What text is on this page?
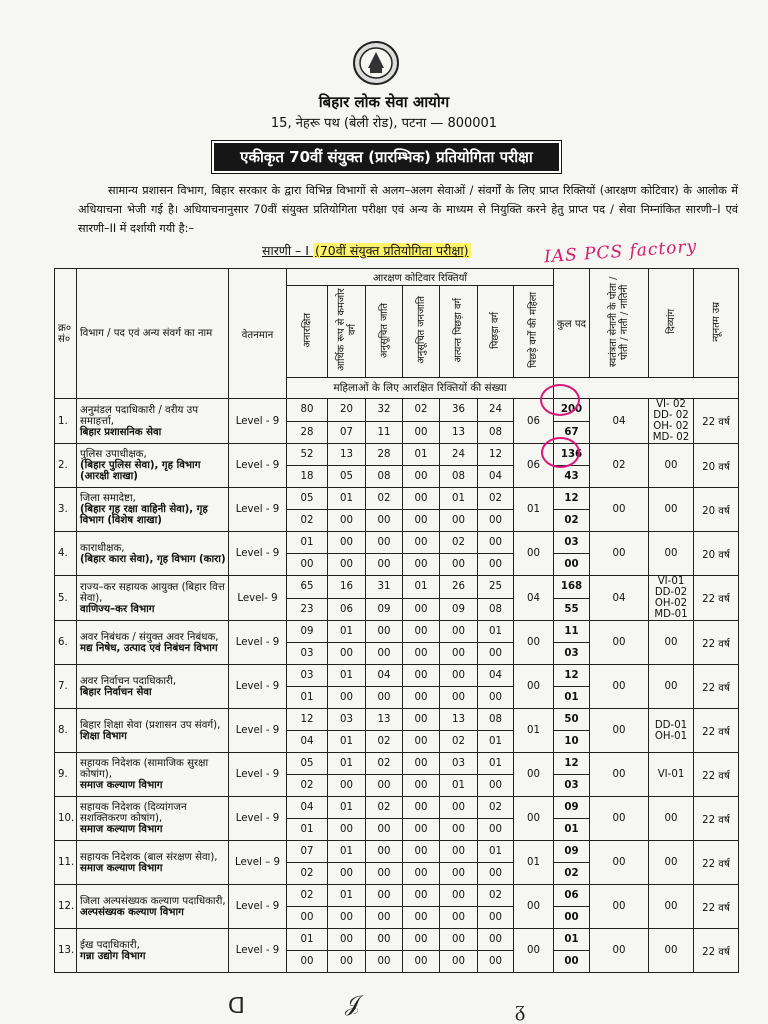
बिहार लोक सेवा आयोग
15, नेहरू पथ (बेली रोड), पटना — 800001
एकीकृत 70वीं संयुक्त (प्रारम्भिक) प्रतियोगिता परीक्षा
सामान्य प्रशासन विभाग, बिहार सरकार के द्वारा विभिन्न विभागों से अलग–अलग सेवाओं / संवर्गों के लिए प्राप्त रिक्तियों (आरक्षण कोटिवार) के आलोक में अधियाचना भेजी गई है। अधियाचनानुसार 70वीं संयुक्त प्रतियोगिता परीक्षा एवं अन्य के माध्यम से नियुक्ति करने हेतु प्राप्त पद / सेवा निम्नांकित सारणी–I एवं सारणी–II में दर्शायी गयी है:–
सारणी – I (70वीं संयुक्त प्रतियोगिता परीक्षा)	IAS PCS factory
क्र० सं०	विभाग / पद एवं अन्य संवर्ग का नाम	वेतनमान	आरक्षण कोटिवार रिक्तियाँ							कुल पद	स्वतंत्रता सेनानी के पोता / पोती / नाती / नातिनी	दिव्यांग	न्यूनतम उम्र
			अनारक्षित	आर्थिक रूप से कमजोर वर्ग	अनुसूचित जाति	अनुसूचित जनजाति	अत्यन्त पिछड़ा वर्ग	पिछड़ा वर्ग	पिछड़े वर्गों की महिला				
			महिलाओं के लिए आरक्षित रिक्तियों की संख्या										
1.	अनुमंडल पदाधिकारी / वरीय उप समाहर्त्ता,
बिहार प्रशासनिक सेवा	Level - 9	80	20	32	02	36	24	06	200	04	VI- 02 DD- 02 OH- 02 MD- 02	22 वर्ष
			28	07	11	00	13	08		67			
2.	पुलिस उपाधीक्षक,
(बिहार पुलिस सेवा), गृह विभाग (आरक्षी शाखा)	Level - 9	52	13	28	01	24	12	06	136	02	00	20 वर्ष
			18	05	08	00	08	04		43			
3.	जिला समादेष्टा,
(बिहार गृह रक्षा वाहिनी सेवा), गृह विभाग (विशेष शाखा)	Level - 9	05	01	02	00	01	02	01	12	00	00	20 वर्ष
			02	00	00	00	00	00		02			
4.	काराधीक्षक,
(बिहार कारा सेवा), गृह विभाग (कारा)	Level - 9	01	00	00	00	02	00	00	03	00	00	20 वर्ष
			00	00	00	00	00	00		00			
5.	राज्य–कर सहायक आयुक्त (बिहार वित्त सेवा),
वाणिज्य–कर विभाग	Level- 9	65	16	31	01	26	25	04	168	04	VI-01 DD-02 OH-02 MD-01	22 वर्ष
			23	06	09	00	09	08		55			
6.	अवर निबंधक / संयुक्त अवर निबंधक,
मद्य निषेध, उत्पाद एवं निबंधन विभाग	Level - 9	09	01	00	00	00	01	00	11	00	00	22 वर्ष
			03	00	00	00	00	00		03			
7.	अवर निर्वाचन पदाधिकारी,
बिहार निर्वाचन सेवा	Level - 9	03	01	04	00	00	04	00	12	00	00	22 वर्ष
			01	00	00	00	00	00		01			
8.	बिहार शिक्षा सेवा (प्रशासन उप संवर्ग),
शिक्षा विभाग	Level - 9	12	03	13	00	13	08	01	50	00	DD-01 OH-01	22 वर्ष
			04	01	02	00	02	01		10			
9.	सहायक निदेशक (सामाजिक सुरक्षा कोषांग),
समाज कल्याण विभाग	Level - 9	05	01	02	00	03	01	00	12	00	VI-01	22 वर्ष
			02	00	00	00	01	00		03			
10.	सहायक निदेशक (दिव्यांगजन सशक्तिकरण कोषांग),
समाज कल्याण विभाग	Level - 9	04	01	02	00	00	02	00	09	00	00	22 वर्ष
			01	00	00	00	00	00		01			
11.	सहायक निदेशक (बाल संरक्षण सेवा),
समाज कल्याण विभाग	Level – 9	07	01	00	00	00	01	01	09	00	00	22 वर्ष
			02	00	00	00	00	00		02			
12.	जिला अल्पसंख्यक कल्याण पदाधिकारी,
अल्पसंख्यक कल्याण विभाग	Level - 9	02	01	00	00	00	02	00	06	00	00	22 वर्ष
			00	00	00	00	00	00		00			
13.	ईख पदाधिकारी,
गन्ना उद्योग विभाग	Level - 9	01	00	00	00	00	00	00	01	00	00	22 वर्ष
			00	00	00	00	00	00		00			
ᗡ	𝒥	ᵹ
